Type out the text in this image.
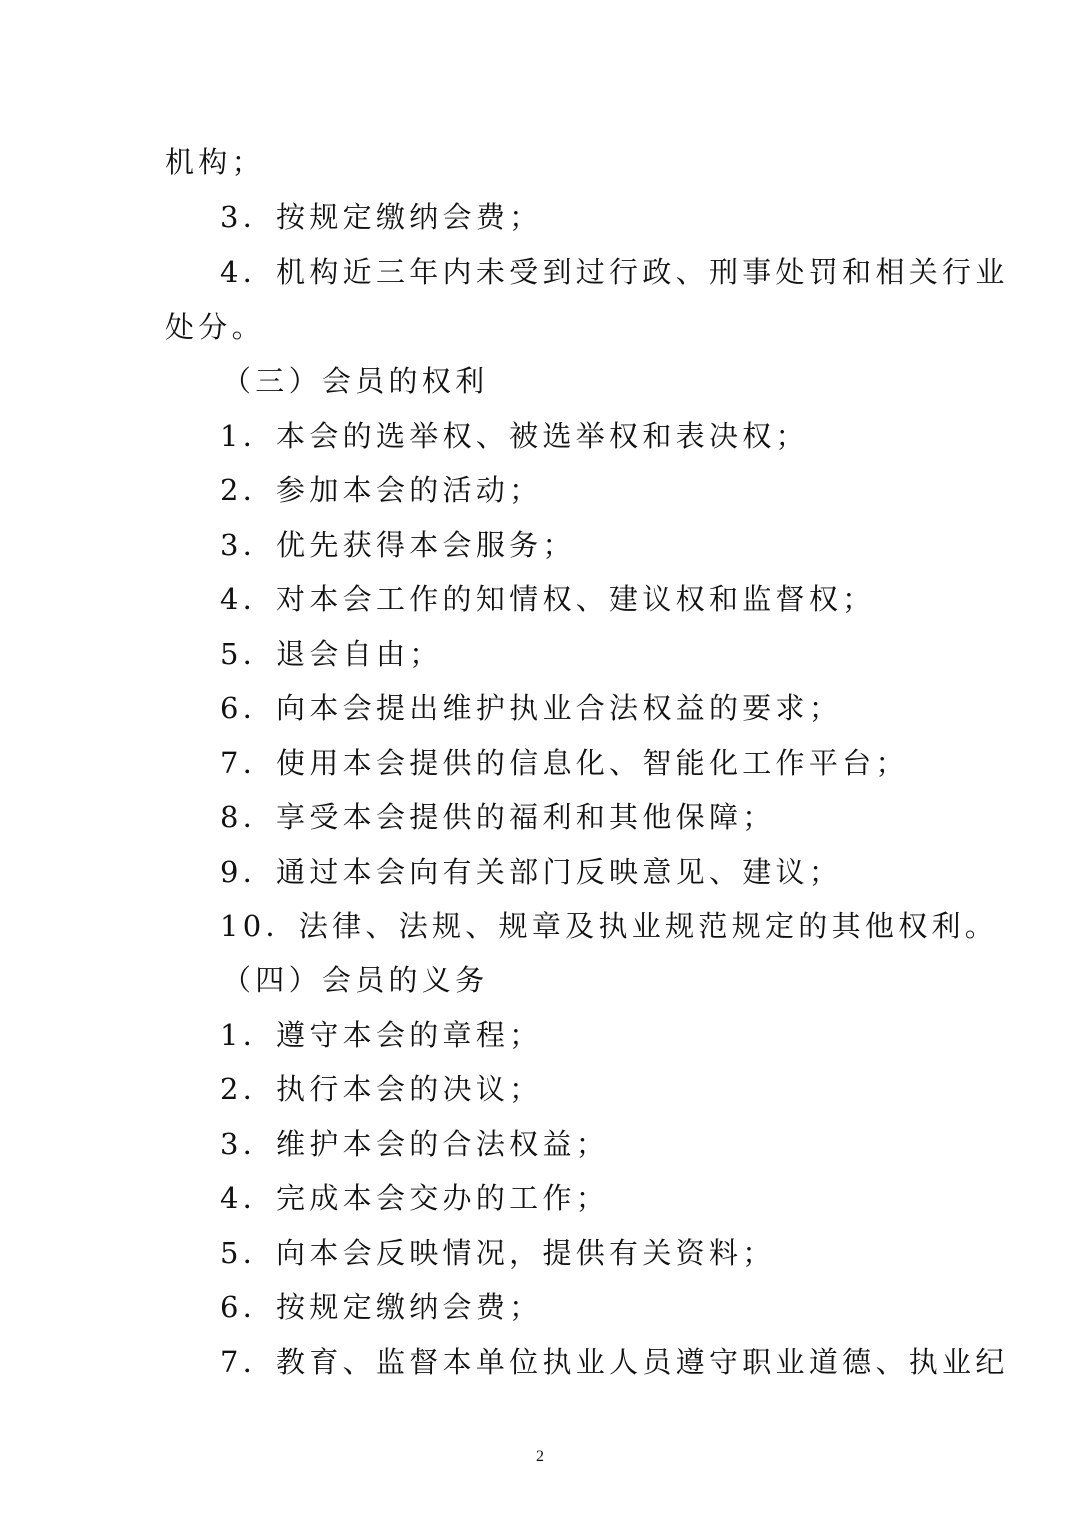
机构；
3．按规定缴纳会费；
4．机构近三年内未受到过行政、刑事处罚和相关行业
处分。
（三）会员的权利
1．本会的选举权、被选举权和表决权；
2．参加本会的活动；
3．优先获得本会服务；
4．对本会工作的知情权、建议权和监督权；
5．退会自由；
6．向本会提出维护执业合法权益的要求；
7．使用本会提供的信息化、智能化工作平台；
8．享受本会提供的福利和其他保障；
9．通过本会向有关部门反映意见、建议；
10．法律、法规、规章及执业规范规定的其他权利。
（四）会员的义务
1．遵守本会的章程；
2．执行本会的决议；
3．维护本会的合法权益；
4．完成本会交办的工作；
5．向本会反映情况，提供有关资料；
6．按规定缴纳会费；
7．教育、监督本单位执业人员遵守职业道德、执业纪
2
